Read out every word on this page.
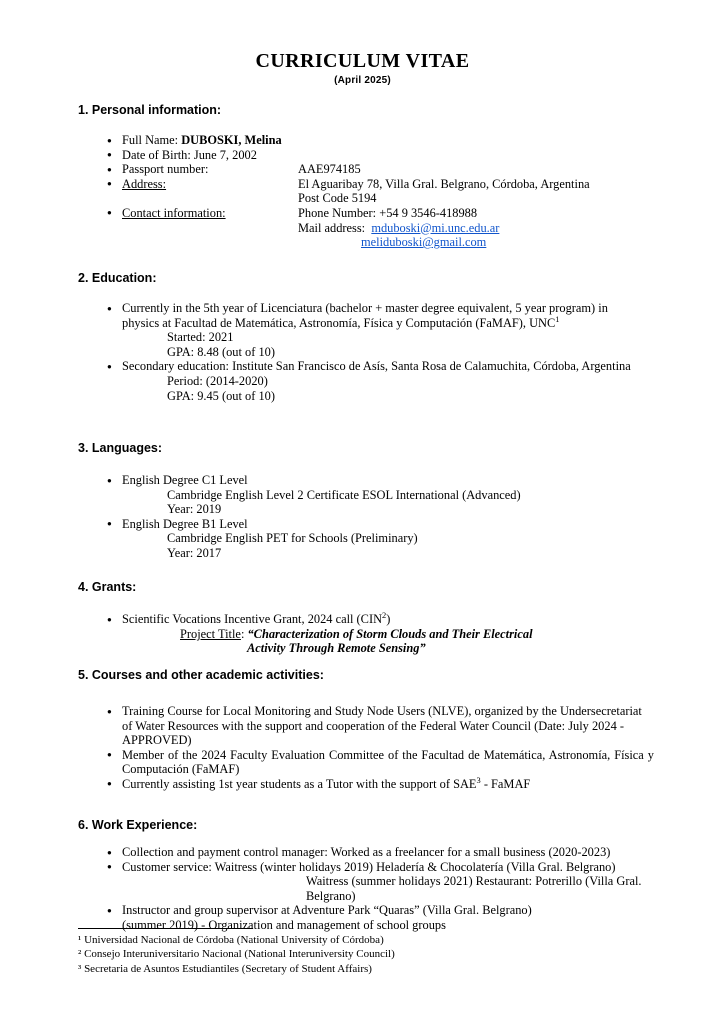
CURRICULUM VITAE
(April 2025)
1. Personal information:
● Full Name: DUBOSKI, Melina
● Date of Birth: June 7, 2002
● Passport number:	AAE974185
● Address:	El Aguaribay 78, Villa Gral. Belgrano, Córdoba, Argentina
Post Code 5194
● Contact information:	Phone Number: +54 9 3546-418988
Mail address: mduboski@mi.unc.edu.ar
meliduboski@gmail.com
2. Education:
● Currently in the 5th year of Licenciatura (bachelor + master degree equivalent, 5 year program) in physics at Facultad de Matemática, Astronomía, Física y Computación (FaMAF), UNC$^1$
Started: 2021
GPA: 8.48 (out of 10)
● Secondary education: Institute San Francisco de Asís, Santa Rosa de Calamuchita, Córdoba, Argentina
Period: (2014-2020)
GPA: 9.45 (out of 10)
3. Languages:
● English Degree C1 Level
Cambridge English Level 2 Certificate ESOL International (Advanced)
Year: 2019
● English Degree B1 Level
Cambridge English PET for Schools (Preliminary)
Year: 2017
4. Grants:
● Scientific Vocations Incentive Grant, 2024 call (CIN$^2$)
Project Title: “Characterization of Storm Clouds and Their Electrical
Activity Through Remote Sensing”
5. Courses and other academic activities:
● Training Course for Local Monitoring and Study Node Users (NLVE), organized by the Undersecretariat of Water Resources with the support and cooperation of the Federal Water Council (Date: July 2024 - APPROVED)
● Member of the 2024 Faculty Evaluation Committee of the Facultad de Matemática, Astronomía, Física y Computación (FaMAF)
● Currently assisting 1st year students as a Tutor with the support of SAE$^3$ - FaMAF
6. Work Experience:
● Collection and payment control manager: Worked as a freelancer for a small business (2020-2023)
● Customer service: Waitress (winter holidays 2019) Heladería & Chocolatería (Villa Gral. Belgrano)
Waitress (summer holidays 2021) Restaurant: Potrerillo (Villa Gral. Belgrano)
● Instructor and group supervisor at Adventure Park “Quaras” (Villa Gral. Belgrano)
(summer 2019) - Organization and management of school groups
¹ Universidad Nacional de Córdoba (National University of Córdoba)
² Consejo Interuniversitario Nacional (National Interuniversity Council)
³ Secretaria de Asuntos Estudiantiles (Secretary of Student Affairs)
